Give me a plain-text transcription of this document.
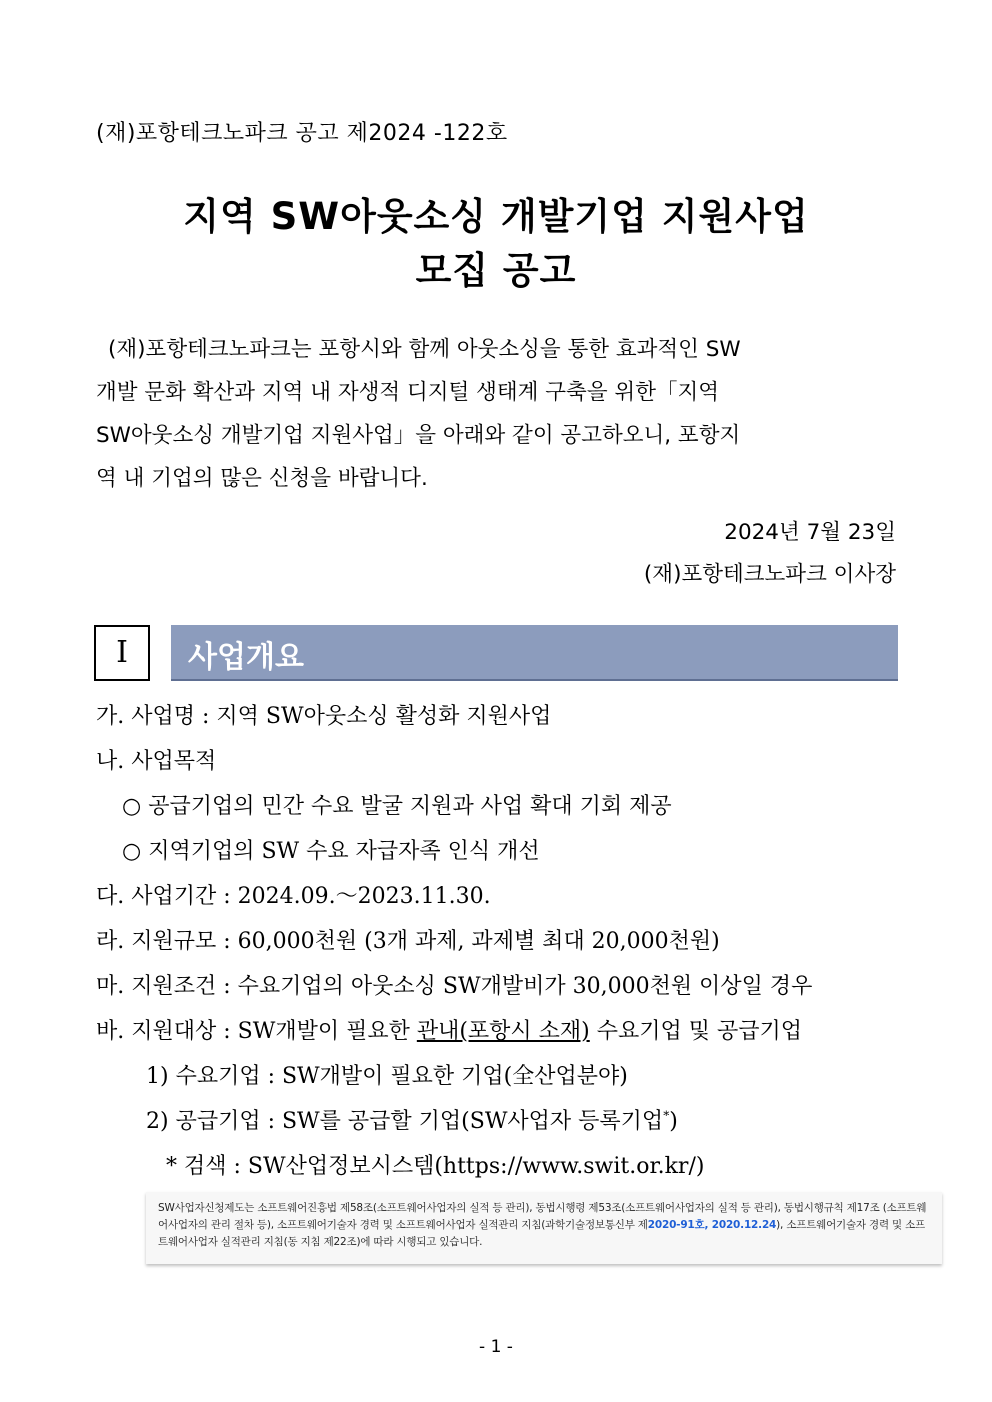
(재)포항테크노파크 공고 제2024 -122호
지역 SW아웃소싱 개발기업 지원사업
모집 공고
(재)포항테크노파크는 포항시와 함께 아웃소싱을 통한 효과적인 SW
개발 문화 확산과 지역 내 자생적 디지털 생태계 구축을 위한「지역
SW아웃소싱 개발기업 지원사업」을 아래와 같이 공고하오니, 포항지
역 내 기업의 많은 신청을 바랍니다.
2024년 7월 23일
(재)포항테크노파크 이사장
Ⅰ	사업개요
가. 사업명 : 지역 SW아웃소싱 활성화 지원사업
나. 사업목적
○ 공급기업의 민간 수요 발굴 지원과 사업 확대 기회 제공
○ 지역기업의 SW 수요 자급자족 인식 개선
다. 사업기간 : 2024.09.～2023.11.30.
라. 지원규모 : 60,000천원 (3개 과제, 과제별 최대 20,000천원)
마. 지원조건 : 수요기업의 아웃소싱 SW개발비가 30,000천원 이상일 경우
바. 지원대상 : SW개발이 필요한 관내(포항시 소재) 수요기업 및 공급기업
1) 수요기업 : SW개발이 필요한 기업(全산업분야)
2) 공급기업 : SW를 공급할 기업(SW사업자 등록기업*)
* 검색 : SW산업정보시스템(https://www.swit.or.kr/)
SW사업자신청제도는 소프트웨어진흥법 제58조(소프트웨어사업자의 실적 등 관리), 동법시행령 제53조(소프트웨어사업자의 실적 등 관리), 동법시행규칙 제17조 (소프트웨어사업자의 관리 절차 등), 소프트웨어기술자 경력 및 소프트웨어사업자 실적관리 지침(과학기술정보통신부 제2020-91호, 2020.12.24), 소프트웨어기술자 경력 및 소프트웨어사업자 실적관리 지침(동 지침 제22조)에 따라 시행되고 있습니다.
- 1 -
